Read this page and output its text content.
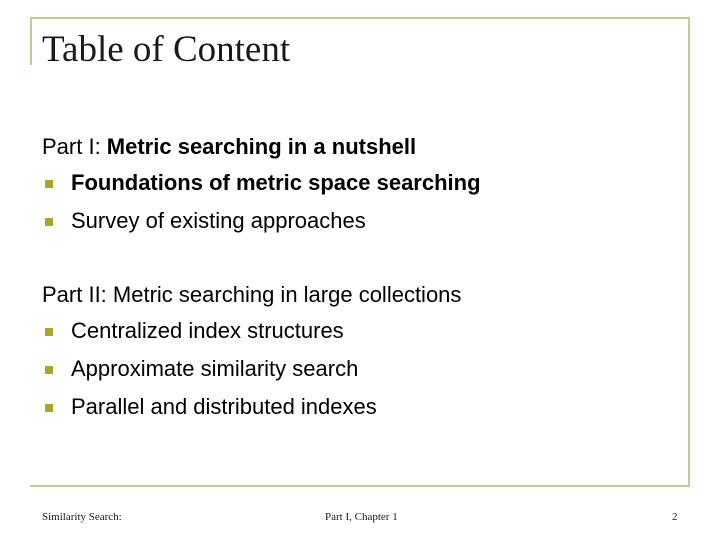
Table of Content
Part I: Metric searching in a nutshell
Foundations of metric space searching
Survey of existing approaches
Part II: Metric searching in large collections
Centralized index structures
Approximate similarity search
Parallel and distributed indexes
Similarity Search:	Part I, Chapter 1	2
